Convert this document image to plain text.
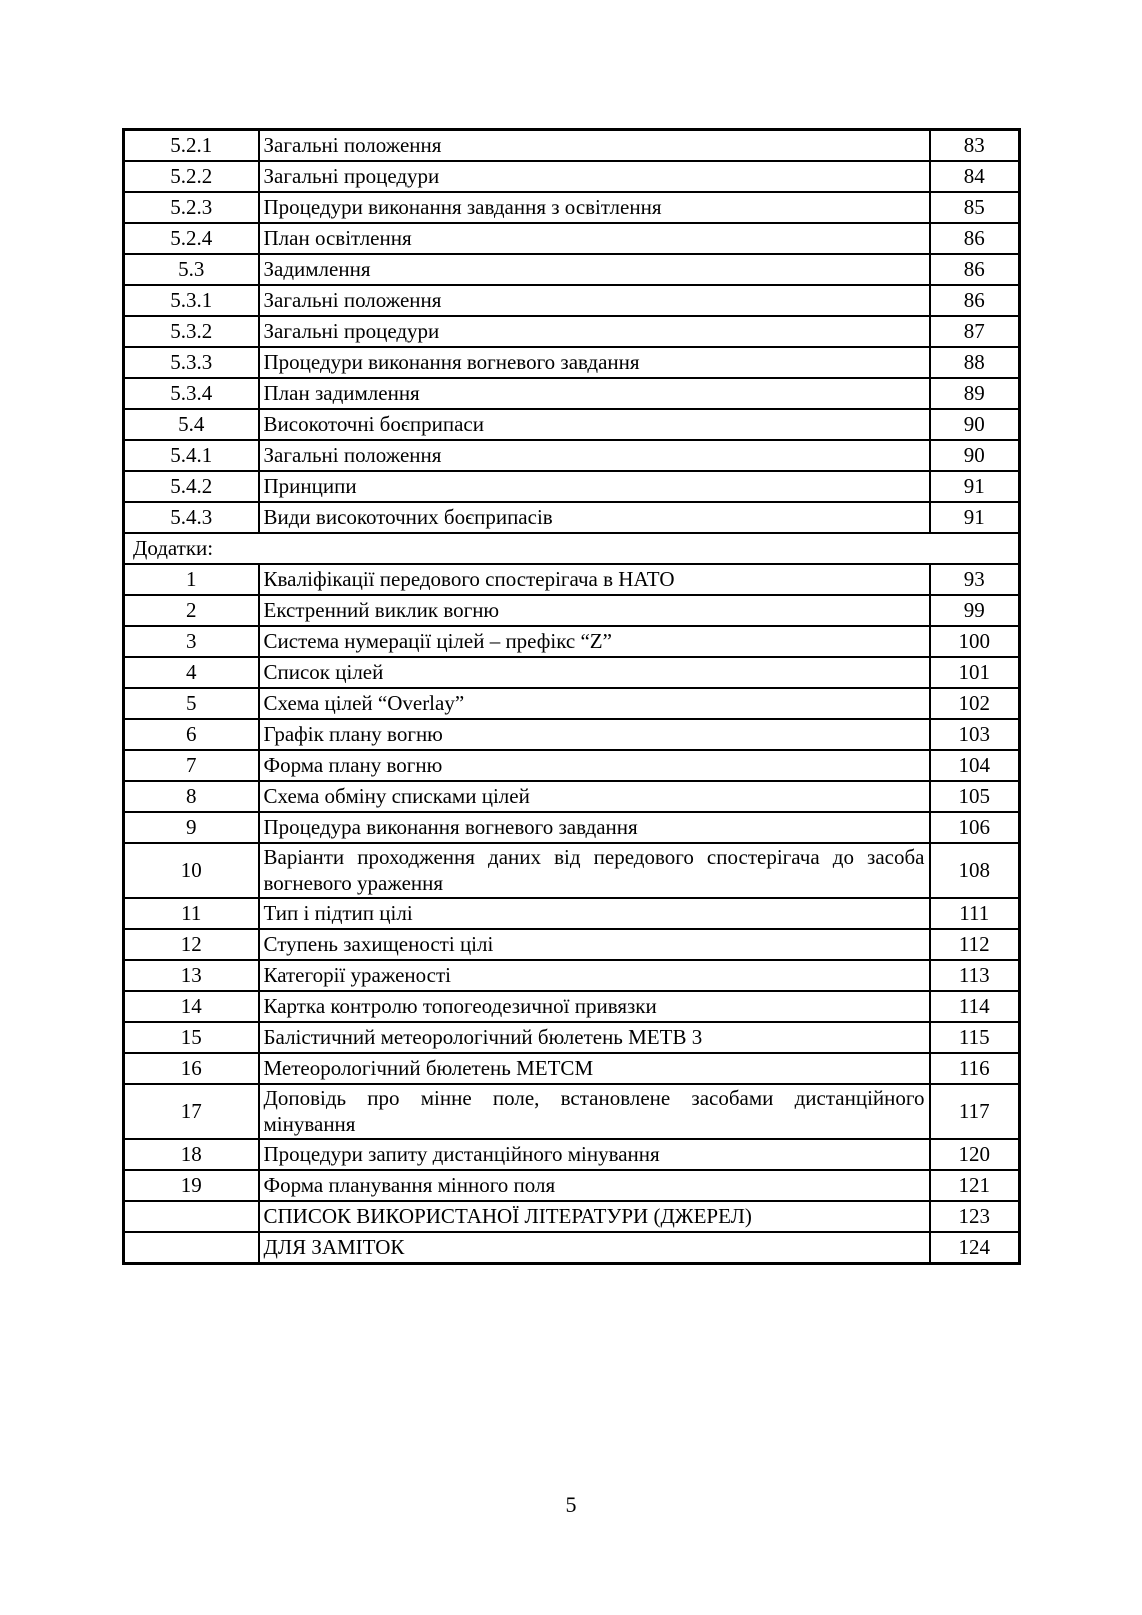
5.2.1	Загальні положення	83
5.2.2	Загальні процедури	84
5.2.3	Процедури виконання завдання з освітлення	85
5.2.4	План освітлення	86
5.3	Задимлення	86
5.3.1	Загальні положення	86
5.3.2	Загальні процедури	87
5.3.3	Процедури виконання вогневого завдання	88
5.3.4	План задимлення	89
5.4	Високоточні боєприпаси	90
5.4.1	Загальні положення	90
5.4.2	Принципи	91
5.4.3	Види високоточних боєприпасів	91
Додатки:		
1	Кваліфікації передового спостерігача в НАТО	93
2	Екстренний виклик вогню	99
3	Система нумерації цілей – префікс “Z”	100
4	Список цілей	101
5	Схема цілей “Overlay”	102
6	Графік плану вогню	103
7	Форма плану вогню	104
8	Схема обміну списками цілей	105
9	Процедура виконання вогневого завдання	106
10	Варіанти проходження даних від передового спостерігача до засоба вогневого ураження	108
11	Тип і підтип цілі	111
12	Ступень захищеності цілі	112
13	Категорії ураженості	113
14	Картка контролю топогеодезичної привязки	114
15	Балістичний метеорологічний бюлетень МЕТВ 3	115
16	Метеорологічний бюлетень МЕТСМ	116
17	Доповідь про мінне поле, встановлене засобами дистанційного мінування	117
18	Процедури запиту дистанційного мінування	120
19	Форма планування мінного поля	121
	СПИСОК ВИКОРИСТАНОЇ ЛІТЕРАТУРИ (ДЖЕРЕЛ)	123
	ДЛЯ ЗАМІТОК	124
5
